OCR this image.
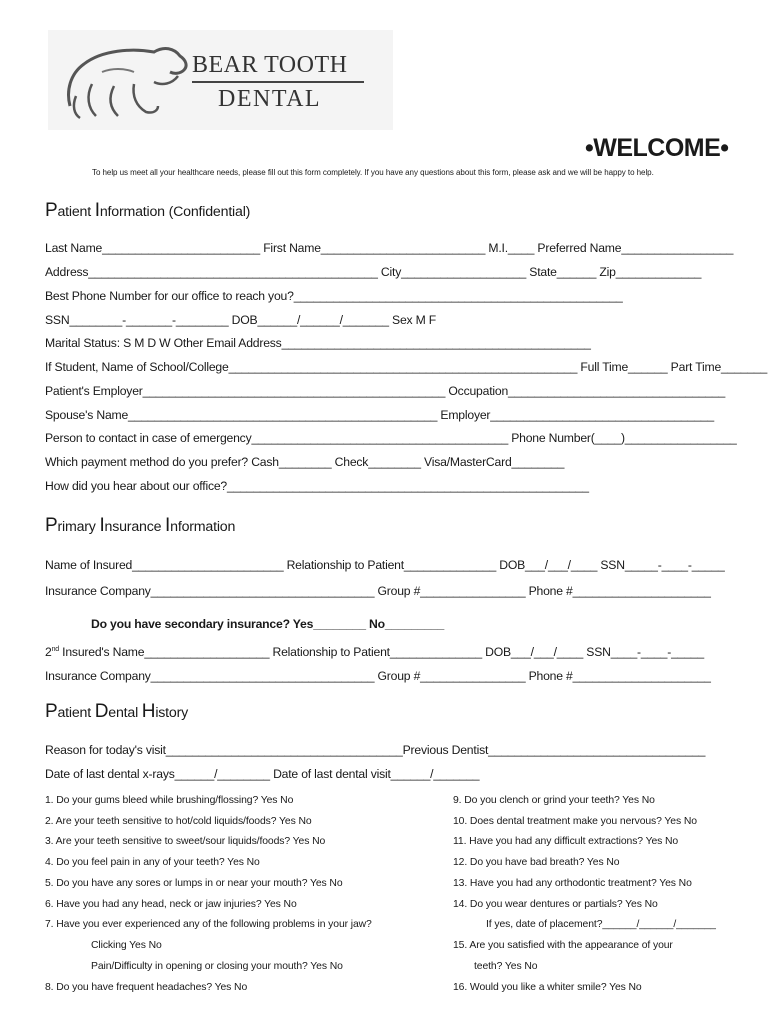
BEAR TOOTH
DENTAL
•WELCOME•
To help us meet all your healthcare needs, please fill out this form completely. If you have any questions about this form, please ask and we will be happy to help.
Patient Information (Confidential)
Last Name________________________ First Name_________________________ M.I.____ Preferred Name_________________
Address____________________________________________ City___________________ State______ Zip_____________
Best Phone Number for our office to reach you?__________________________________________________
SSN________-_______-________ DOB______/______/_______ Sex M F
Marital Status: S M D W Other Email Address_______________________________________________
If Student, Name of School/College_____________________________________________________ Full Time______ Part Time_______
Patient's Employer______________________________________________ Occupation_________________________________
Spouse's Name_______________________________________________ Employer__________________________________
Person to contact in case of emergency_______________________________________ Phone Number(____)_________________
Which payment method do you prefer? Cash________ Check________ Visa/MasterCard________
How did you hear about our office?_______________________________________________________
Primary Insurance Information
Name of Insured_______________________ Relationship to Patient______________ DOB___/___/____ SSN_____-____-_____
Insurance Company__________________________________ Group #________________ Phone #_____________________
Do you have secondary insurance? Yes________ No_________
2nd Insured's Name___________________ Relationship to Patient______________ DOB___/___/____ SSN____-____-_____
Insurance Company__________________________________ Group #________________ Phone #_____________________
Patient Dental History
Reason for today's visit____________________________________Previous Dentist_________________________________
Date of last dental x-rays______/________ Date of last dental visit______/_______
1. Do your gums bleed while brushing/flossing? Yes No
2. Are your teeth sensitive to hot/cold liquids/foods? Yes No
3. Are your teeth sensitive to sweet/sour liquids/foods? Yes No
4. Do you feel pain in any of your teeth? Yes No
5. Do you have any sores or lumps in or near your mouth? Yes No
6. Have you had any head, neck or jaw injuries? Yes No
7. Have you ever experienced any of the following problems in your jaw?
Clicking Yes No
Pain/Difficulty in opening or closing your mouth? Yes No
8. Do you have frequent headaches? Yes No
9. Do you clench or grind your teeth? Yes No
10. Does dental treatment make you nervous? Yes No
11. Have you had any difficult extractions? Yes No
12. Do you have bad breath? Yes No
13. Have you had any orthodontic treatment? Yes No
14. Do you wear dentures or partials? Yes No
If yes, date of placement?______/______/_______
15. Are you satisfied with the appearance of your
teeth? Yes No
16. Would you like a whiter smile? Yes No
